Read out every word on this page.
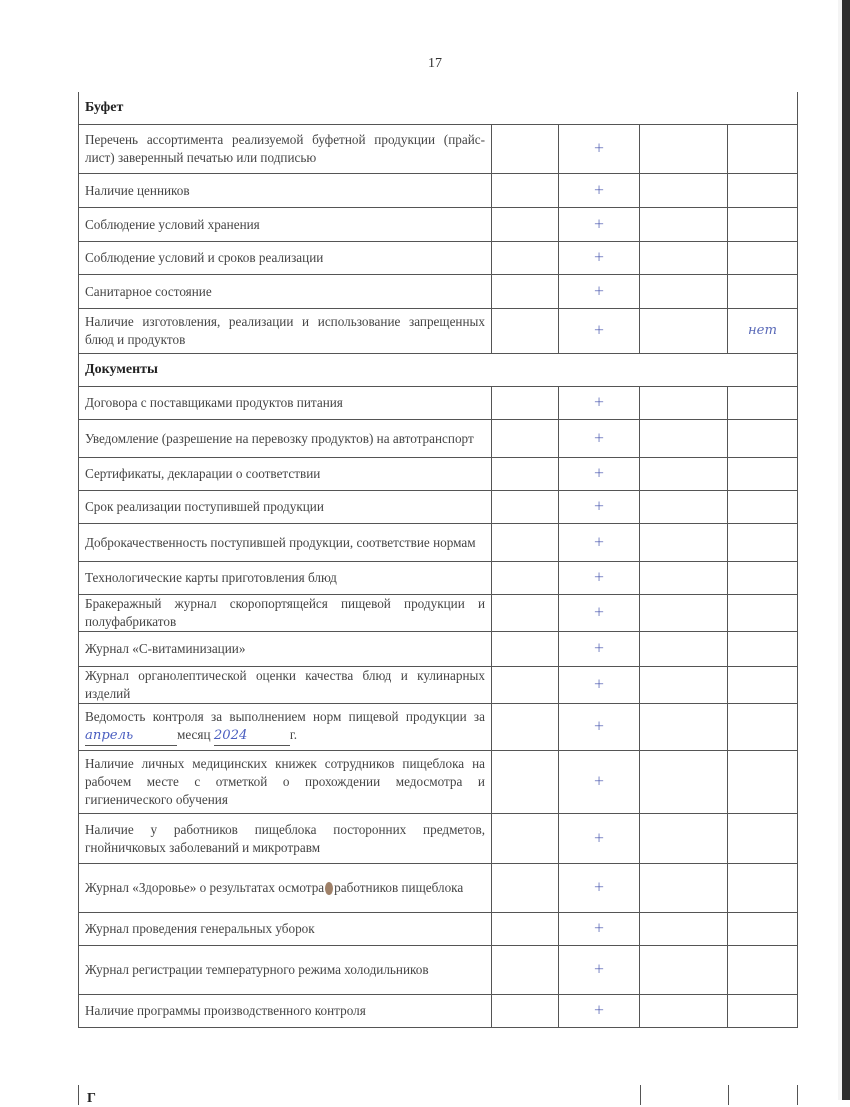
17
Буфет				
Перечень ассортимента реализуемой буфетной продукции (прайс-лист) заверенный печатью или подписью		+		
Наличие ценников		+		
Соблюдение условий хранения		+		
Соблюдение условий и сроков реализации		+		
Санитарное состояние		+		
Наличие изготовления, реализации и использование запрещенных блюд и продуктов		+		нет
Документы				
Договора с поставщиками продуктов питания		+		
Уведомление (разрешение на перевозку продуктов) на автотранспорт		+		
Сертификаты, декларации о соответствии		+		
Срок реализации поступившей продукции		+		
Доброкачественность поступившей продукции, соответствие нормам		+		
Технологические карты приготовления блюд		+		
Бракеражный журнал скоропортящейся пищевой продукции и полуфабрикатов		+		
Журнал «С-витаминизации»		+		
Журнал органолептической оценки качества блюд и кулинарных изделий		+		
Ведомость контроля за выполнением норм пищевой продукции за апрель месяц 2024 г.		+		
Наличие личных медицинских книжек сотрудников пищеблока на рабочем месте с отметкой о прохождении медосмотра и гигиенического обучения		+		
Наличие у работников пищеблока посторонних предметов, гнойничковых заболеваний и микротравм		+		
Журнал «Здоровье» о результатах осмотра работников пищеблока		+		
Журнал проведения генеральных уборок		+		
Журнал регистрации температурного режима холодильников		+		
Наличие программы производственного контроля		+		
Г
